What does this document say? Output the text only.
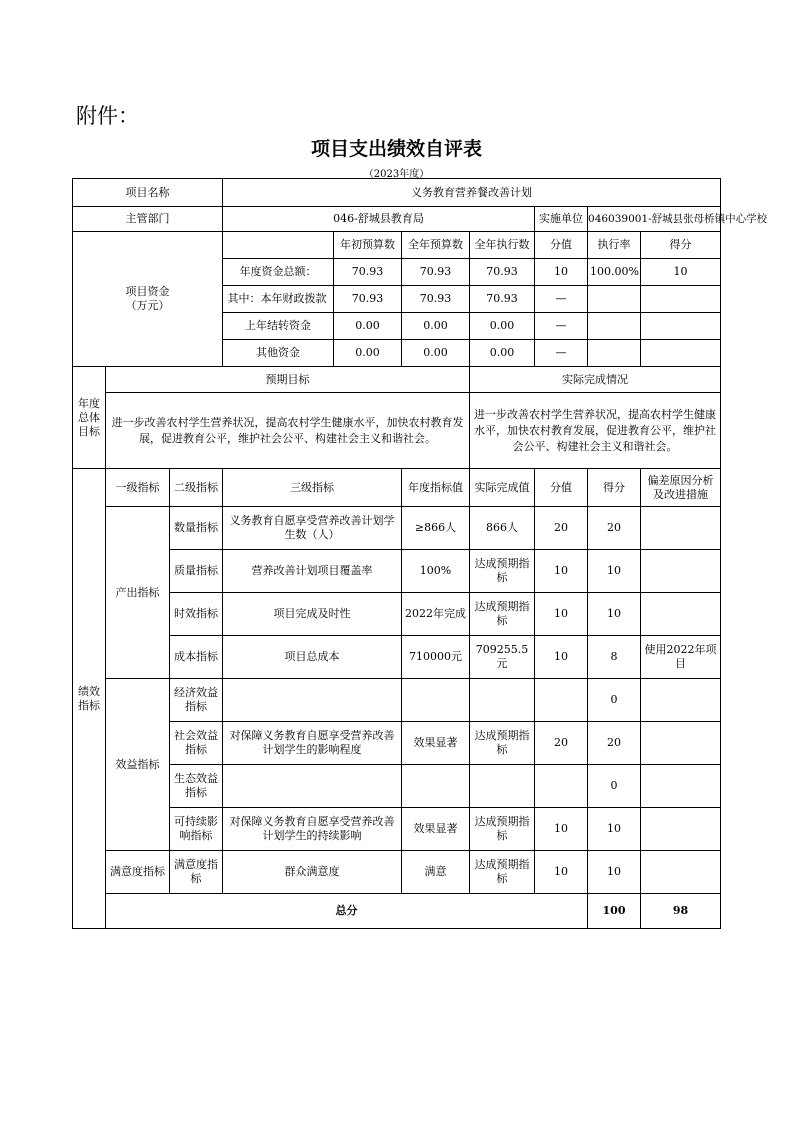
附件：
项目支出绩效自评表
（2023年度）
项目名称			义务教育营养餐改善计划							
主管部门			046-舒城县教育局				实施单位	046039001-舒城县张母桥镇中心学校		

项目资金
（万元）				年初预算数	全年预算数	全年执行数	分值	执行率	得分	
			年度资金总额：	70.93	70.93	70.93	10	100.00%	10	
			其中：本年财政拨款	70.93	70.93	70.93	—			
			上年结转资金	0.00	0.00	0.00	—			
			其他资金	0.00	0.00	0.00	—			
年度总体目标	预期目标					实际完成情况				
	进一步改善农村学生营养状况，提高农村学生健康水平，加快农村教育发展，促进教育公平，维护社会公平、构建社会主义和谐社会。					进一步改善农村学生营养状况，提高农村学生健康水平，加快农村教育发展，促进教育公平，维护社会公平、构建社会主义和谐社会。				
绩效指标	一级指标	二级指标	三级指标		年度指标值	实际完成值	分值	得分	偏差原因分析及改进措施	
	产出指标	数量指标	义务教育自愿享受营养改善计划学生数（人）		≥866人	866人	20	20		
		质量指标	营养改善计划项目覆盖率		100%	达成预期指标	10	10		
		时效指标	项目完成及时性		2022年完成	达成预期指标	10	10		
		成本指标	项目总成本		710000元	709255.5元	10	8	使用2022年项目	
	效益指标	经济效益指标						0		
		社会效益指标	对保障义务教育自愿享受营养改善计划学生的影响程度		效果显著	达成预期指标	20	20		
		生态效益指标						0		
		可持续影响指标	对保障义务教育自愿享受营养改善计划学生的持续影响		效果显著	达成预期指标	10	10		
	满意度指标	满意度指标	群众满意度		满意	达成预期指标	10	10		
	总分							100	98	
